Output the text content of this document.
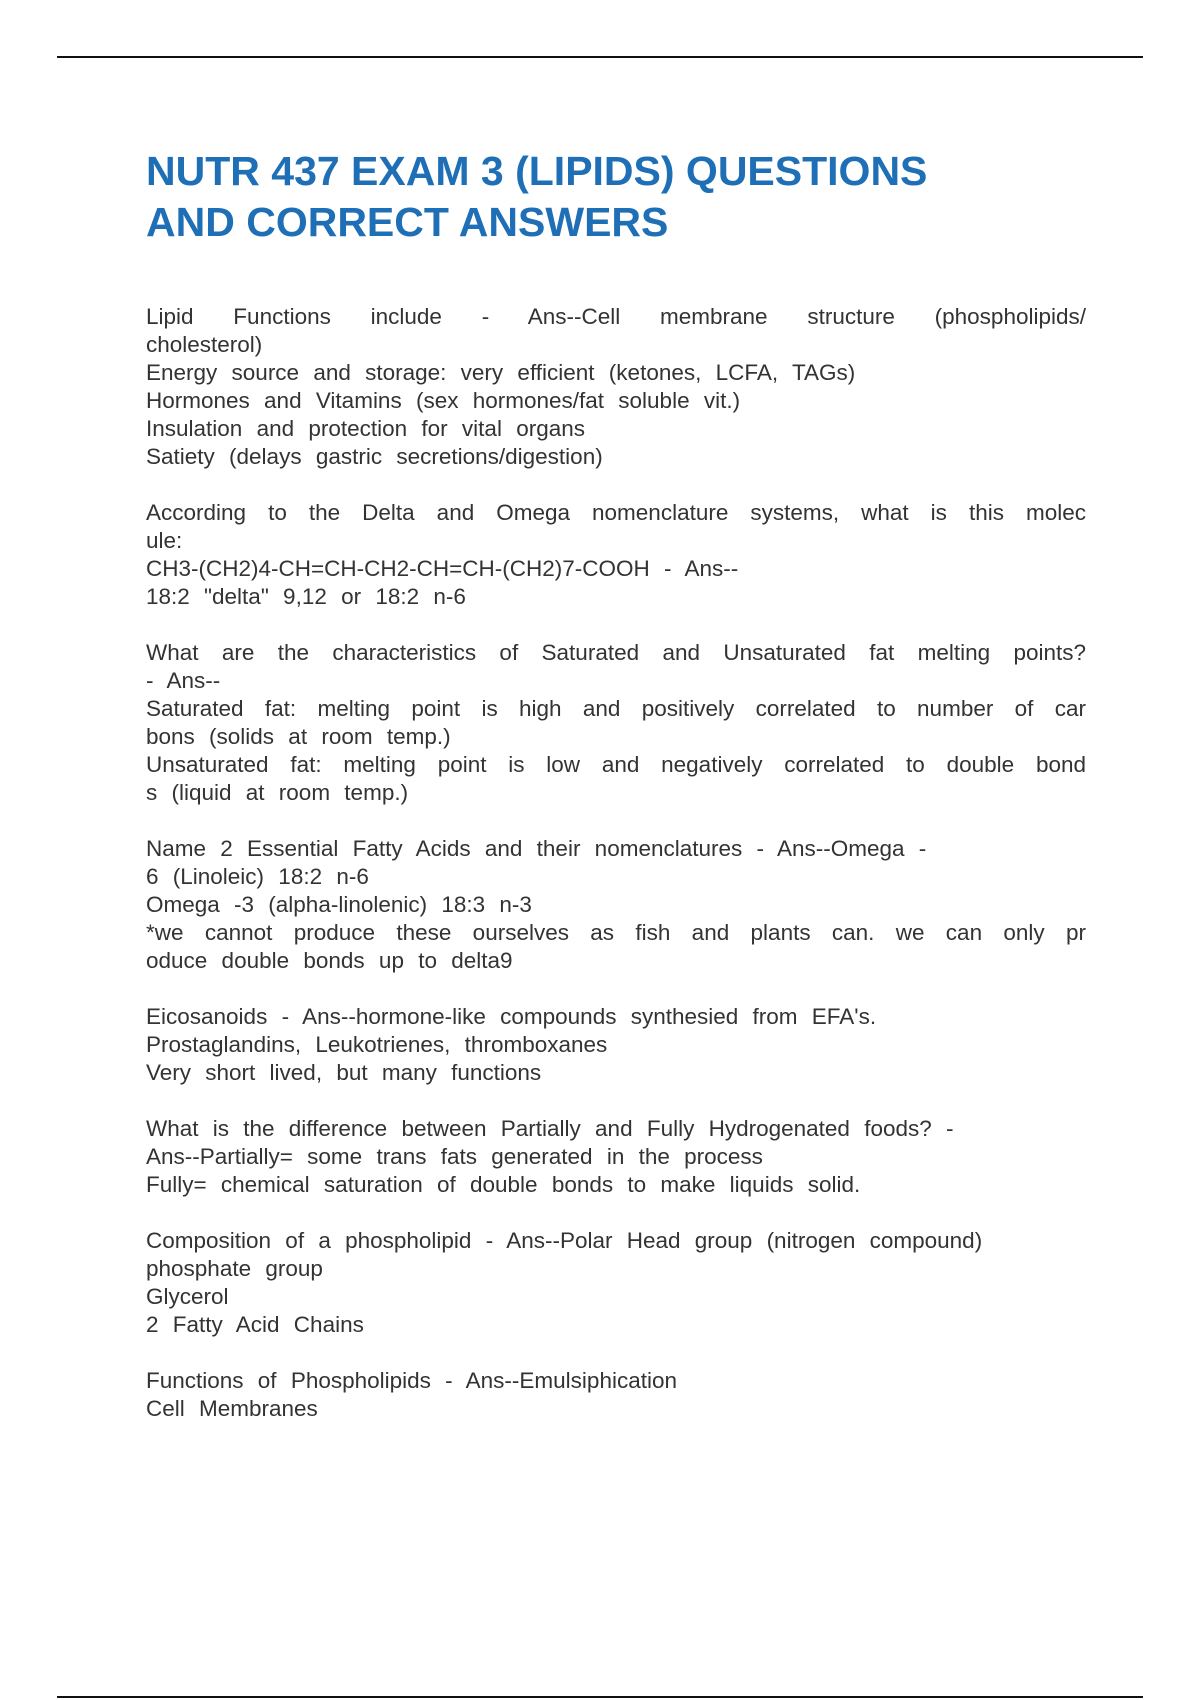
NUTR 437 EXAM 3 (LIPIDS) QUESTIONS
AND CORRECT ANSWERS
Lipid Functions include - Ans--Cell membrane structure (phospholipids/
cholesterol)
Energy source and storage: very efficient (ketones, LCFA, TAGs)
Hormones and Vitamins (sex hormones/fat soluble vit.)
Insulation and protection for vital organs
Satiety (delays gastric secretions/digestion)
According to the Delta and Omega nomenclature systems, what is this molec
ule:
CH3-(CH2)4-CH=CH-CH2-CH=CH-(CH2)7-COOH - Ans--
18:2 "delta" 9,12 or 18:2 n-6
What are the characteristics of Saturated and Unsaturated fat melting points?
- Ans--
Saturated fat: melting point is high and positively correlated to number of car
bons (solids at room temp.)
Unsaturated fat: melting point is low and negatively correlated to double bond
s (liquid at room temp.)
Name 2 Essential Fatty Acids and their nomenclatures - Ans--Omega -
6 (Linoleic) 18:2 n-6
Omega -3 (alpha-linolenic) 18:3 n-3
*we cannot produce these ourselves as fish and plants can. we can only pr
oduce double bonds up to delta9
Eicosanoids - Ans--hormone-like compounds synthesied from EFA's.
Prostaglandins, Leukotrienes, thromboxanes
Very short lived, but many functions
What is the difference between Partially and Fully Hydrogenated foods? -
Ans--Partially= some trans fats generated in the process
Fully= chemical saturation of double bonds to make liquids solid.
Composition of a phospholipid - Ans--Polar Head group (nitrogen compound)
phosphate group
Glycerol
2 Fatty Acid Chains
Functions of Phospholipids - Ans--Emulsiphication
Cell Membranes
